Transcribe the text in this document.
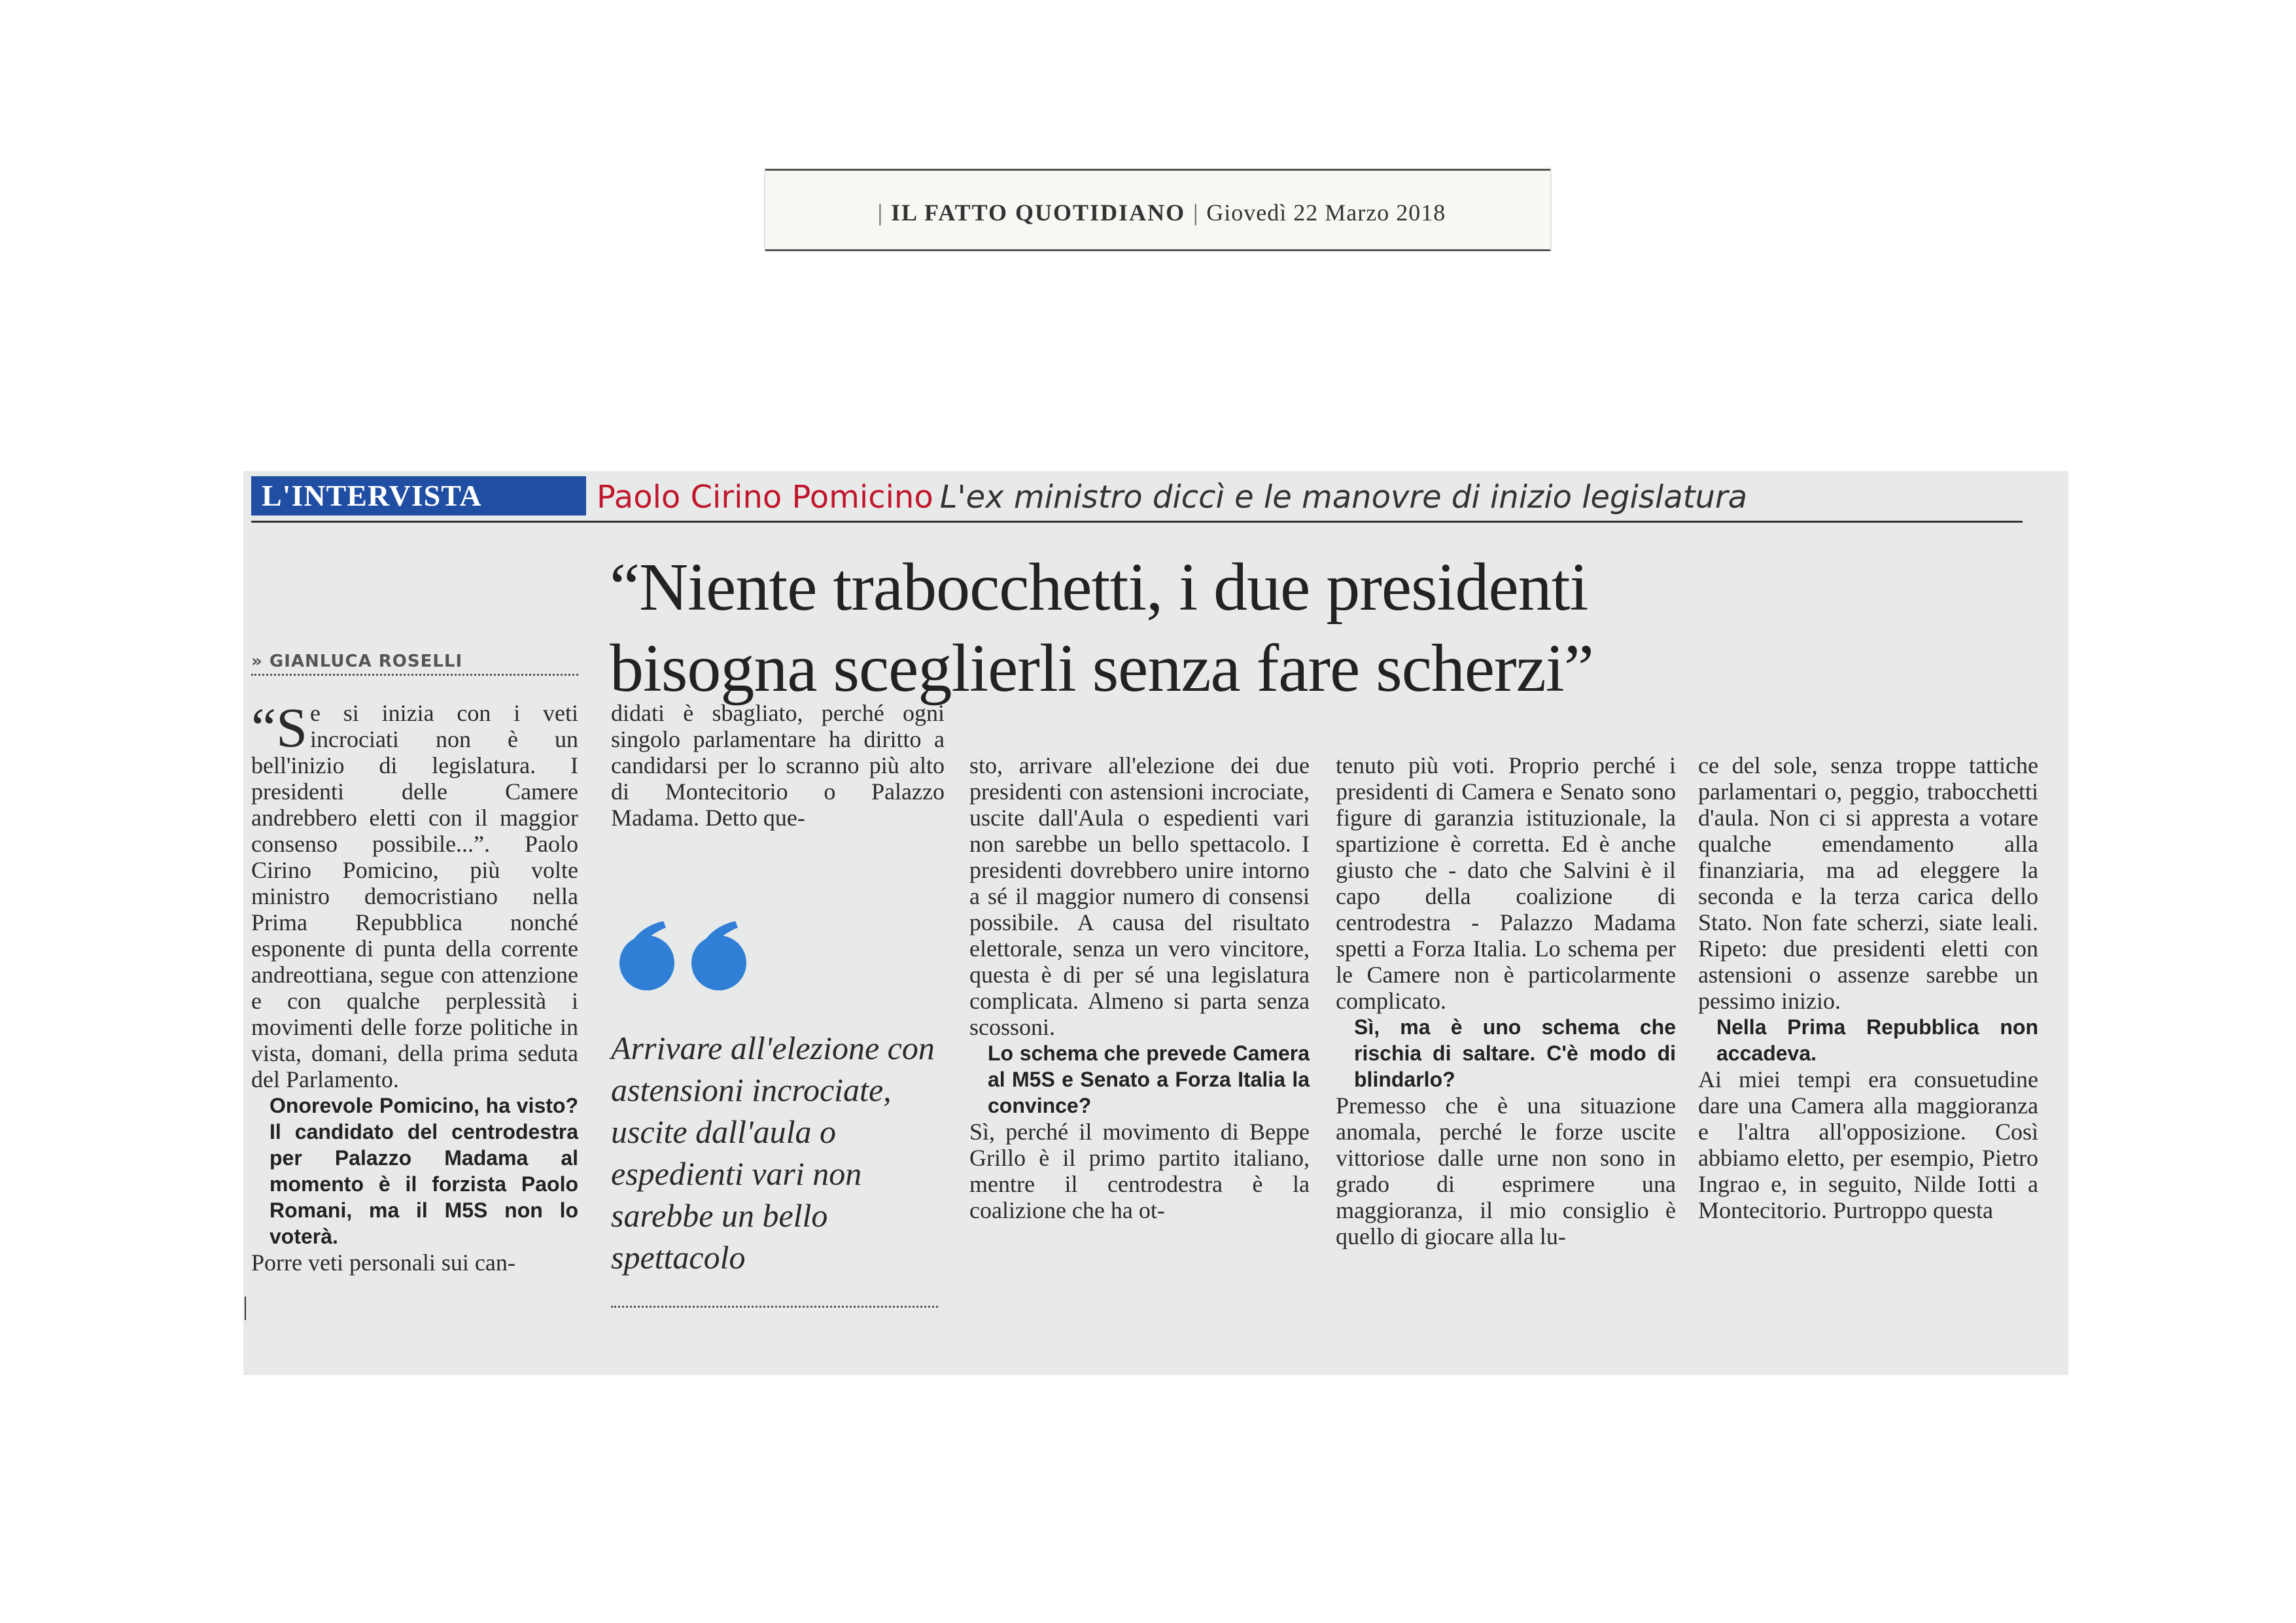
| IL FATTO QUOTIDIANO | Giovedì 22 Marzo 2018
L'INTERVISTA	Paolo Cirino Pomicino L'ex ministro diccì e le manovre di inizio legislatura
“Niente trabocchetti, i due presidenti
bisogna sceglierli senza fare scherzi”
» GIANLUCA ROSELLI

“Se si inizia con i veti incrociati non è un bell'inizio di legislatura. I presidenti delle Camere andrebbero eletti con il maggior consenso possibile...”. Paolo Cirino Pomicino, più volte ministro democristiano nella Prima Repubblica nonché esponente di punta della corrente andreottiana, segue con attenzione e con qualche perplessità i movimenti delle forze politiche in vista, domani, della prima seduta del Parlamento.

Onorevole Pomicino, ha visto? Il candidato del centrodestra per Palazzo Madama al momento è il forzista Paolo Romani, ma il M5S non lo voterà.

Porre veti personali sui can-

didati è sbagliato, perché ogni singolo parlamentare ha diritto a candidarsi per lo scranno più alto di Montecitorio o Palazzo Madama. Detto que-

Arrivare all'elezione con astensioni incrociate, uscite dall'aula o espedienti vari non sarebbe un bello spettacolo

sto, arrivare all'elezione dei due presidenti con astensioni incrociate, uscite dall'Aula o espedienti vari non sarebbe un bello spettacolo. I presidenti dovrebbero unire intorno a sé il maggior numero di consensi possibile. A causa del risultato elettorale, senza un vero vincitore, questa è di per sé una legislatura complicata. Almeno si parta senza scossoni.

Lo schema che prevede Camera al M5S e Senato a Forza Italia la convince?

Sì, perché il movimento di Beppe Grillo è il primo partito italiano, mentre il centrodestra è la coalizione che ha ot-

tenuto più voti. Proprio perché i presidenti di Camera e Senato sono figure di garanzia istituzionale, la spartizione è corretta. Ed è anche giusto che - dato che Salvini è il capo della coalizione di centrodestra - Palazzo Madama spetti a Forza Italia. Lo schema per le Camere non è particolarmente complicato.

Sì, ma è uno schema che rischia di saltare. C'è modo di blindarlo?

Premesso che è una situazione anomala, perché le forze uscite vittoriose dalle urne non sono in grado di esprimere una maggioranza, il mio consiglio è quello di giocare alla lu-

ce del sole, senza troppe tattiche parlamentari o, peggio, trabocchetti d'aula. Non ci si appresta a votare qualche emendamento alla finanziaria, ma ad eleggere la seconda e la terza carica dello Stato. Non fate scherzi, siate leali. Ripeto: due presidenti eletti con astensioni o assenze sarebbe un pessimo inizio.

Nella Prima Repubblica non accadeva.

Ai miei tempi era consuetudine dare una Camera alla maggioranza e l'altra all'opposizione. Così abbiamo eletto, per esempio, Pietro Ingrao e, in seguito, Nilde Iotti a Montecitorio. Purtroppo questa
